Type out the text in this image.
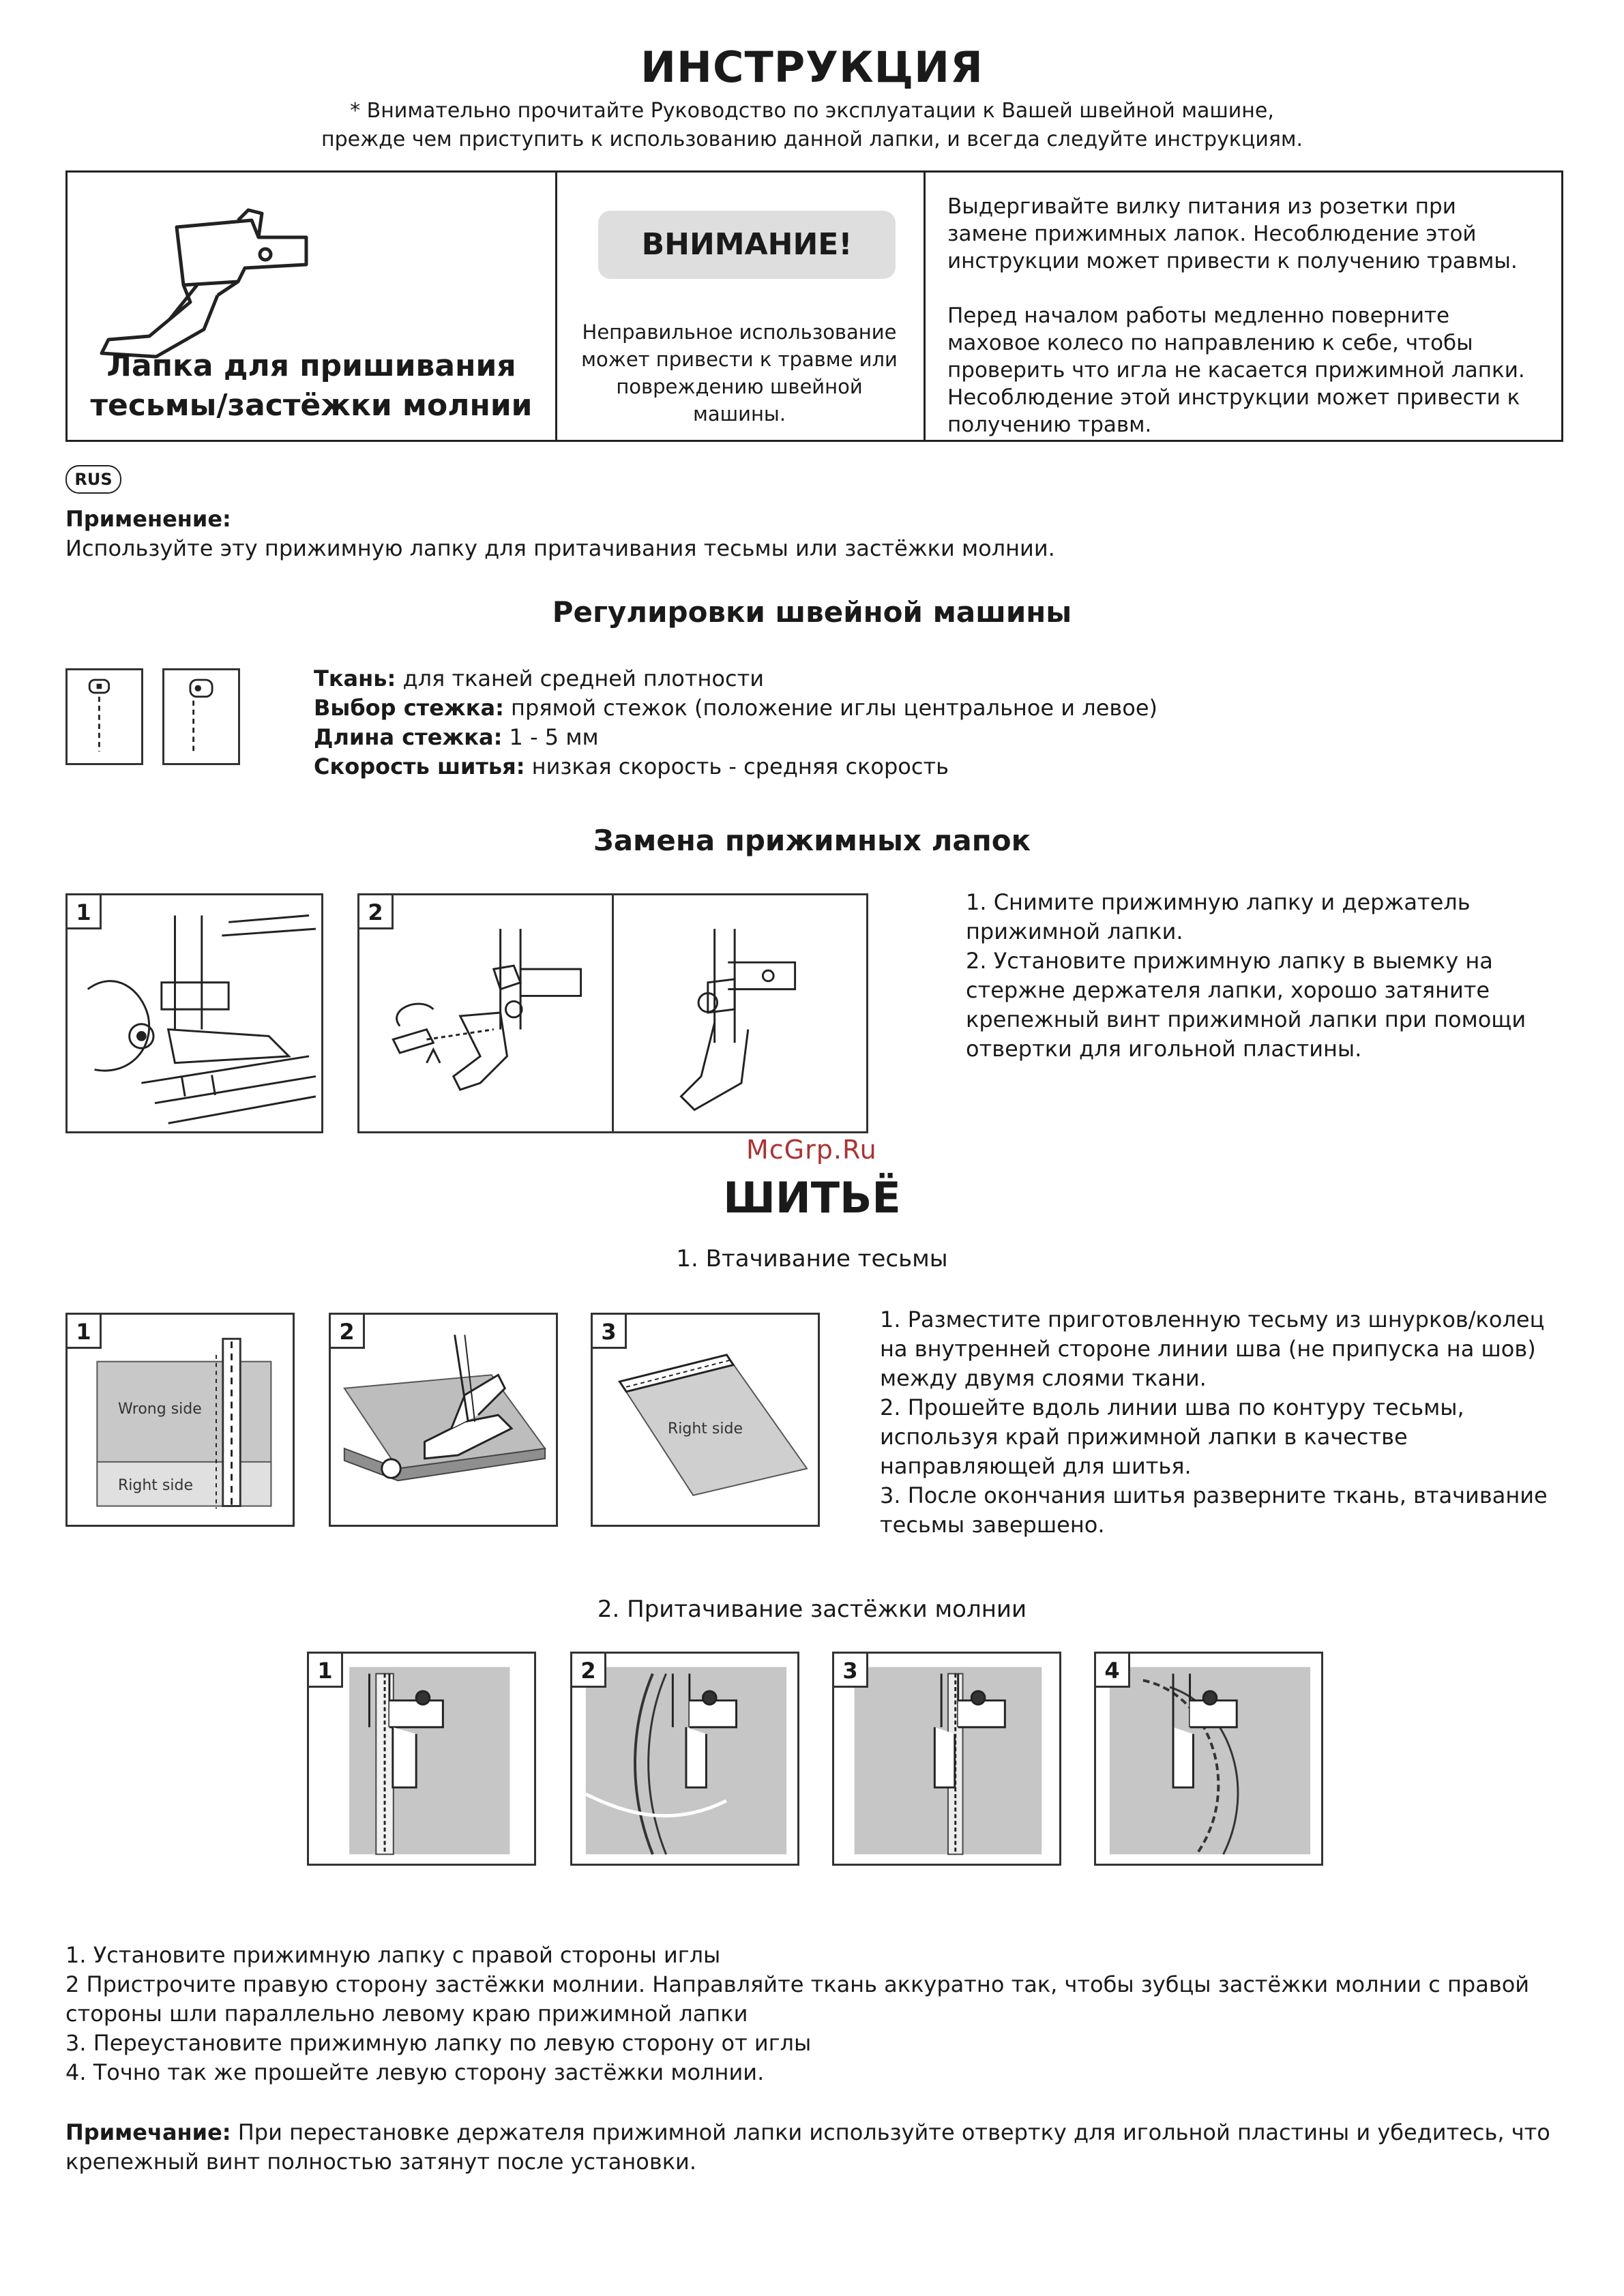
ИНСТРУКЦИЯ
* Внимательно прочитайте Руководство по эксплуатации к Вашей швейной машине,
прежде чем приступить к использованию данной лапки, и всегда следуйте инструкциям.
Лапка для пришивания
тесьмы/застёжки молнии
ВНИМАНИЕ!
Неправильное использование может привести к травме или повреждению швейной машины.
Выдергивайте вилку питания из розетки при замене прижимных лапок. Несоблюдение этой инструкции может привести к получению травмы.
Перед началом работы медленно поверните маховое колесо по направлению к себе, чтобы проверить что игла не касается прижимной лапки. Несоблюдение этой инструкции может привести к получению травм.
RUS
Применение:
Используйте эту прижимную лапку для притачивания тесьмы или застёжки молнии.
Регулировки швейной машины
Ткань: для тканей средней плотности
Выбор стежка: прямой стежок (положение иглы центральное и левое)
Длина стежка: 1 - 5 мм
Скорость шитья: низкая скорость - средняя скорость
Замена прижимных лапок
1	2	1. Снимите прижимную лапку и держатель прижимной лапки.

2. Установите прижимную лапку в выемку на стержне держателя лапки, хорошо затяните крепежный винт прижимной лапки при помощи отвертки для игольной пластины.

McGrp.Ru
ШИТЬЁ
1. Втачивание тесьмы
1
Wrong side
Right side
2	3
Right side

1. Разместите приготовленную тесьму из шнурков/колец на внутренней стороне линии шва (не припуска на шов) между двумя слоями ткани.

2. Прошейте вдоль линии шва по контуру тесьмы, используя край прижимной лапки в качестве направляющей для шитья.

3. После окончания шитья разверните ткань, втачивание тесьмы завершено.

2. Притачивание застёжки молнии
1	2	3	4

1. Установите прижимную лапку с правой стороны иглы

2 Пристрочите правую сторону застёжки молнии. Направляйте ткань аккуратно так, чтобы зубцы застёжки молнии с правой стороны шли параллельно левому краю прижимной лапки

3. Переустановите прижимную лапку по левую сторону от иглы

4. Точно так же прошейте левую сторону застёжки молнии.

Примечание: При перестановке держателя прижимной лапки используйте отвертку для игольной пластины и убедитесь, что крепежный винт полностью затянут после установки.
